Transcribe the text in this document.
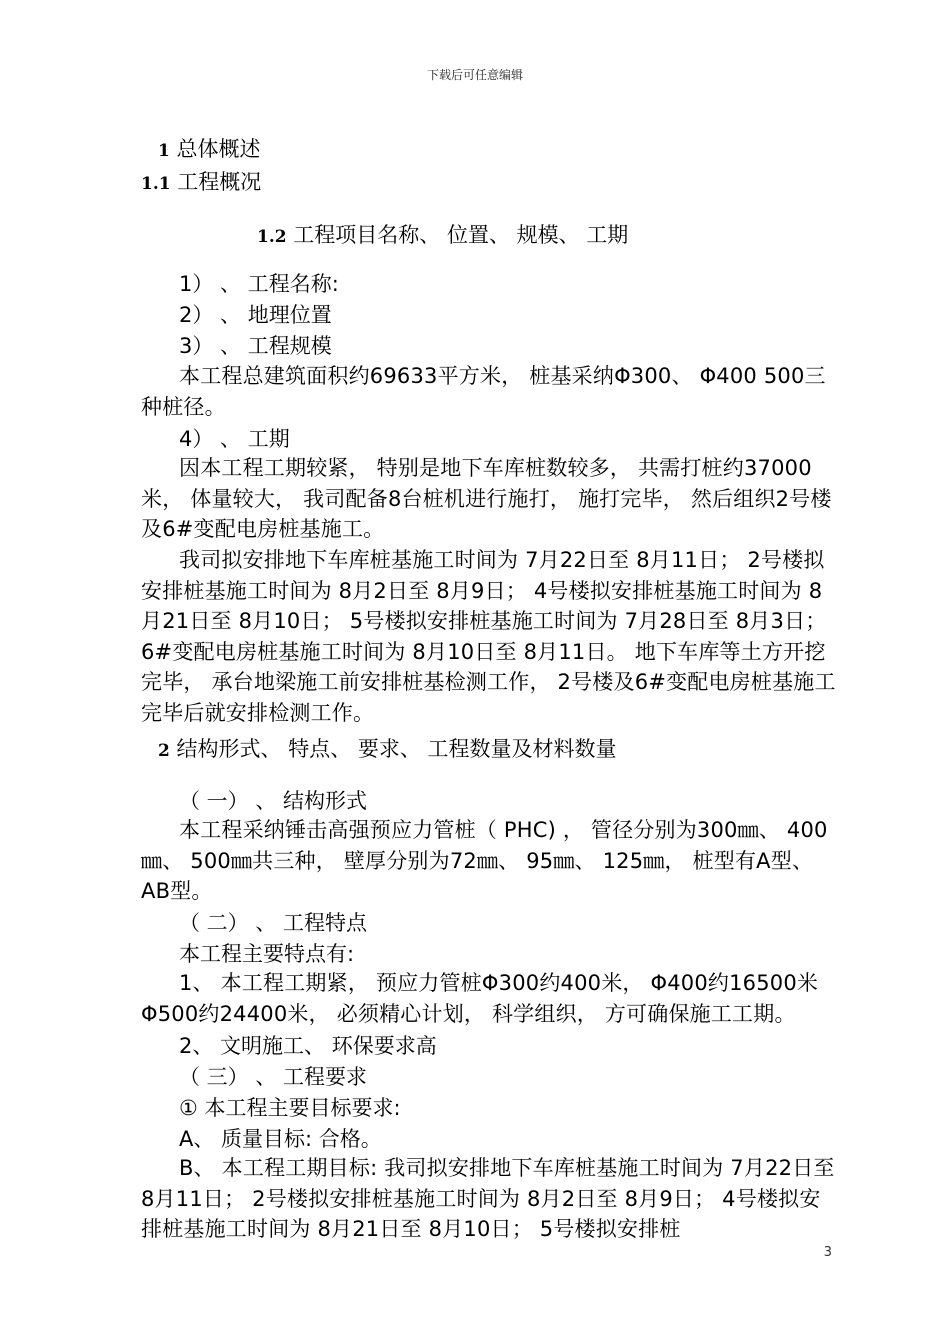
下载后可任意编辑
1 总体概述
1.1 工程概况
1.2 工程项目名称、 位置、 规模、 工期
1） 、 工程名称:
2） 、 地理位置
3） 、 工程规模
本工程总建筑面积约69633平方米， 桩基采纳Φ300、 Φ400 500三种桩径。
4） 、 工期
因本工程工期较紧， 特别是地下车库桩数较多， 共需打桩约37000米， 体量较大， 我司配备8台桩机进行施打， 施打完毕， 然后组织2号楼及6#变配电房桩基施工。
我司拟安排地下车库桩基施工时间为 7月22日至 8月11日； 2号楼拟安排桩基施工时间为 8月2日至 8月9日； 4号楼拟安排桩基施工时间为 8月21日至 8月10日； 5号楼拟安排桩基施工时间为 7月28日至 8月3日； 6#变配电房桩基施工时间为 8月10日至 8月11日。 地下车库等土方开挖完毕， 承台地梁施工前安排桩基检测工作， 2号楼及6#变配电房桩基施工完毕后就安排检测工作。
2 结构形式、 特点、 要求、 工程数量及材料数量
（ 一） 、 结构形式
本工程采纳锤击高强预应力管桩（ PHC) ， 管径分别为300㎜、 400㎜、 500㎜共三种， 壁厚分别为72㎜、 95㎜、 125㎜， 桩型有A型、 AB型。
（ 二） 、 工程特点
本工程主要特点有:
1、 本工程工期紧， 预应力管桩Φ300约400米， Φ400约16500米Φ500约24400米， 必须精心计划， 科学组织， 方可确保施工工期。
2、 文明施工、 环保要求高
（ 三） 、 工程要求
① 本工程主要目标要求:
A、 质量目标: 合格。
B、 本工程工期目标: 我司拟安排地下车库桩基施工时间为 7月22日至 8月11日； 2号楼拟安排桩基施工时间为 8月2日至 8月9日； 4号楼拟安排桩基施工时间为 8月21日至 8月10日； 5号楼拟安排桩
3
